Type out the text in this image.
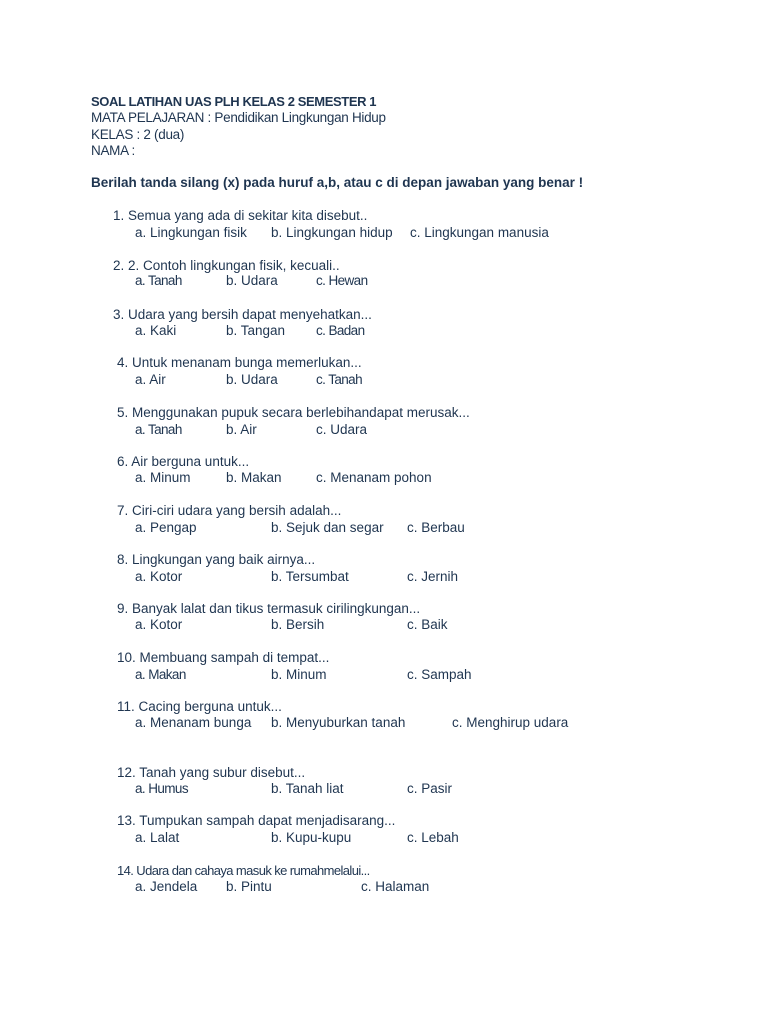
SOAL LATIHAN UAS PLH KELAS 2 SEMESTER 1
MATA PELAJARAN : Pendidikan Lingkungan Hidup
KELAS : 2 (dua)
NAMA :
Berilah tanda silang (x) pada huruf a,b, atau c di depan jawaban yang benar !
1. Semua yang ada di sekitar kita disebut..
a. Lingkungan fisik b. Lingkungan hidup c. Lingkungan manusia
2. 2. Contoh lingkungan fisik, kecuali..
a. Tanah	b. Udara	c. Hewan
3. Udara yang bersih dapat menyehatkan...
a. Kaki	b. Tangan c. Badan
4. Untuk menanam bunga memerlukan...
a. Air	b. Udara	c. Tanah
5. Menggunakan pupuk secara berlebihandapat merusak...
a. Tanah	b. Air	c. Udara
6. Air berguna untuk...
a. Minum	b. Makan	c. Menanam pohon
7. Ciri-ciri udara yang bersih adalah...
a. Pengap	b. Sejuk dan segar c. Berbau
8. Lingkungan yang baik airnya...
a. Kotor	b. Tersumbat	c. Jernih
9. Banyak lalat dan tikus termasuk cirilingkungan...
a. Kotor	b. Bersih	c. Baik
10. Membuang sampah di tempat...
a. Makan	b. Minum	c. Sampah
11. Cacing berguna untuk...
a. Menanam bunga b. Menyuburkan tanah	c. Menghirup udara
12. Tanah yang subur disebut...
a. Humus	b. Tanah liat	c. Pasir
13. Tumpukan sampah dapat menjadisarang...
a. Lalat	b. Kupu-kupu	c. Lebah
14. Udara dan cahaya masuk ke rumahmelalui...
a. Jendela b. Pintu	c. Halaman
